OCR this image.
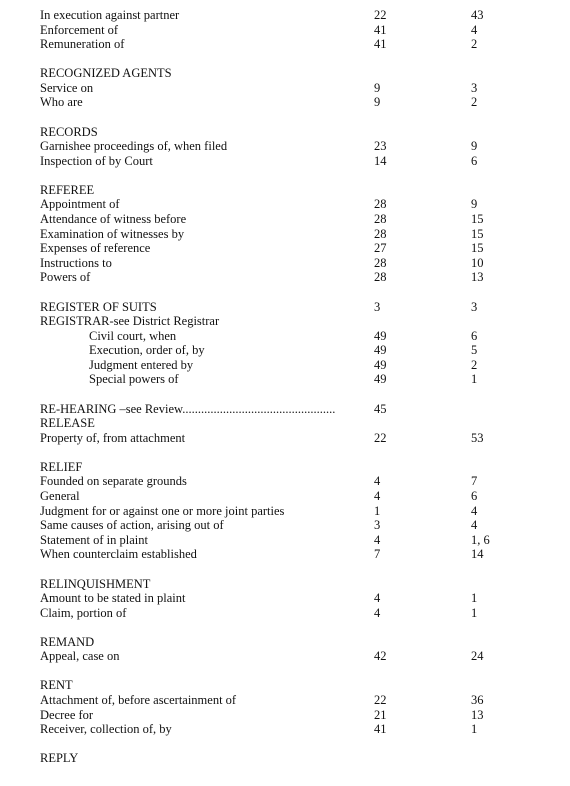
In execution against partner	22	43
Enforcement of	41	4
Remuneration of	41	2
RECOGNIZED AGENTS
Service on	9	3
Who are	9	2
RECORDS
Garnishee proceedings of, when filed	23	9
Inspection of by Court	14	6
REFEREE
Appointment of	28	9
Attendance of witness before	28	15
Examination of witnesses by	28	15
Expenses of reference	27	15
Instructions to	28	10
Powers of	28	13
REGISTER OF SUITS	3	3
REGISTRAR-see District Registrar
Civil court, when	49	6
Execution, order of, by	49	5
Judgment entered by	49	2
Special powers of	49	1
RE-HEARING –see Review.................................................	45
RELEASE
Property of, from attachment	22	53
RELIEF
Founded on separate grounds	4	7
General	4	6
Judgment for or against one or more joint parties	1	4
Same causes of action, arising out of	3	4
Statement of in plaint	4	1, 6
When counterclaim established	7	14
RELINQUISHMENT
Amount to be stated in plaint	4	1
Claim, portion of	4	1
REMAND
Appeal, case on	42	24
RENT
Attachment of, before ascertainment of	22	36
Decree for	21	13
Receiver, collection of, by	41	1
REPLY
